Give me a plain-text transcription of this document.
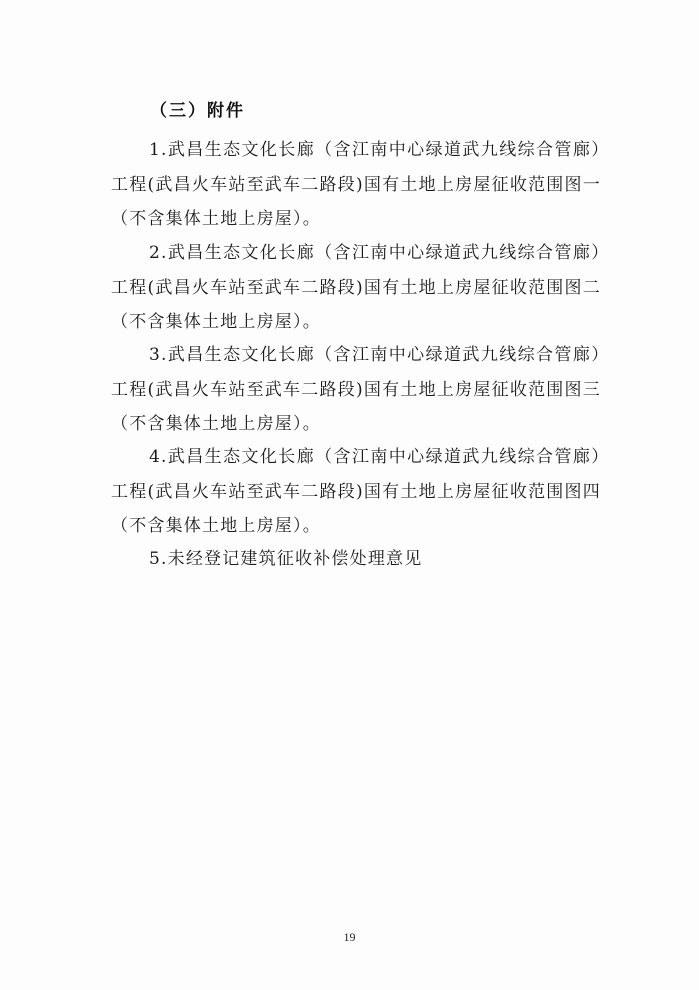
（三）附件
1.武昌生态文化长廊（含江南中心绿道武九线综合管廊）工程(武昌火车站至武车二路段)国有土地上房屋征收范围图一（不含集体土地上房屋）。
2.武昌生态文化长廊（含江南中心绿道武九线综合管廊）工程(武昌火车站至武车二路段)国有土地上房屋征收范围图二（不含集体土地上房屋）。
3.武昌生态文化长廊（含江南中心绿道武九线综合管廊）工程(武昌火车站至武车二路段)国有土地上房屋征收范围图三（不含集体土地上房屋）。
4.武昌生态文化长廊（含江南中心绿道武九线综合管廊）工程(武昌火车站至武车二路段)国有土地上房屋征收范围图四（不含集体土地上房屋）。
5.未经登记建筑征收补偿处理意见
19
